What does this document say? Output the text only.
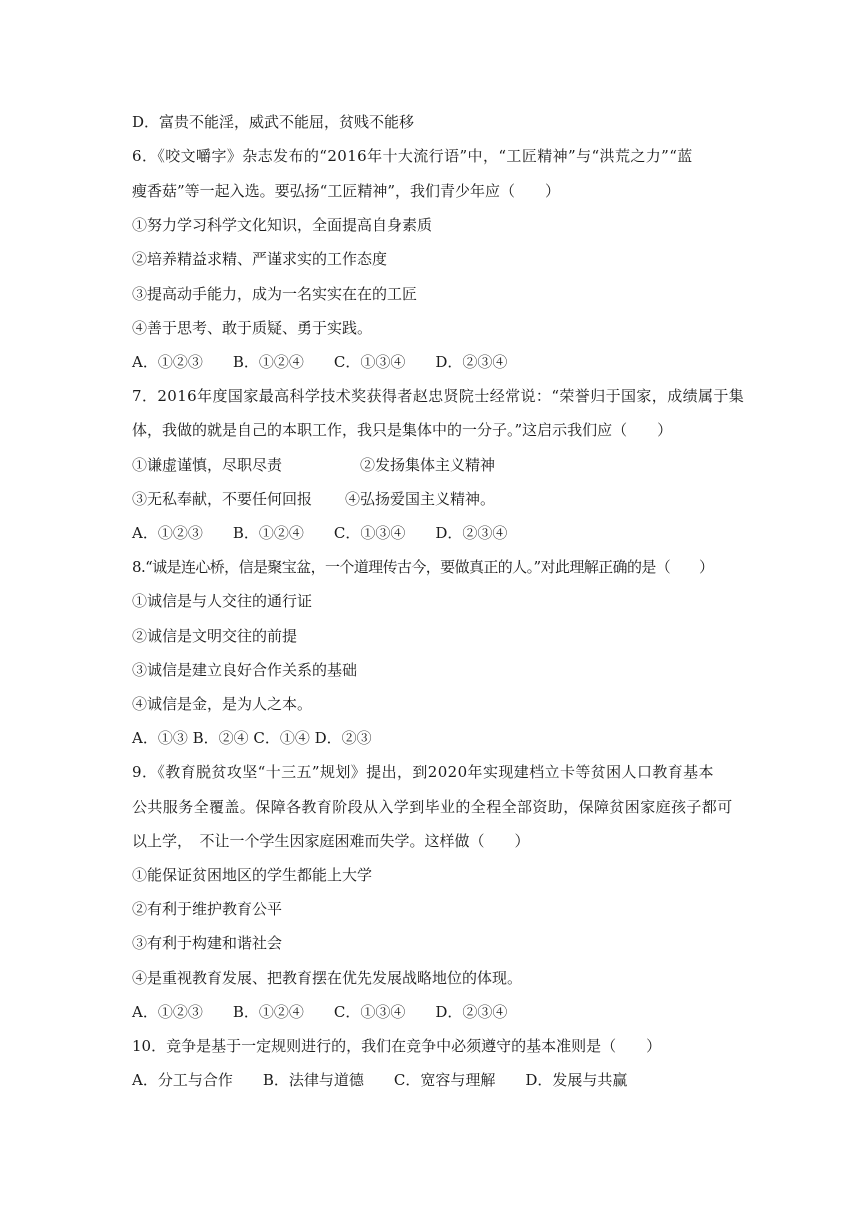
D．富贵不能淫，威武不能屈，贫贱不能移
6．《咬文嚼字》杂志发布的“2016年十大流行语”中，“工匠精神”与“洪荒之力”“蓝
瘦香菇”等一起入选。要弘扬“工匠精神”，我们青少年应（　　）
①努力学习科学文化知识，全面提高自身素质
②培养精益求精、严谨求实的工作态度
③提高动手能力，成为一名实实在在的工匠
④善于思考、敢于质疑、勇于实践。
A．①②③　　B．①②④　　C．①③④　　D．②③④
7．2016年度国家最高科学技术奖获得者赵忠贤院士经常说：“荣誉归于国家，成绩属于集
体，我做的就是自己的本职工作，我只是集体中的一分子。”这启示我们应（　　）
①谦虚谨慎，尽职尽责	②发扬集体主义精神
③无私奉献，不要任何回报 ④弘扬爱国主义精神。
A．①②③　　B．①②④　　C．①③④　　D．②③④
8.“诚是连心桥，信是聚宝盆，一个道理传古今，要做真正的人。”对此理解正确的是（　　）
①诚信是与人交往的通行证
②诚信是文明交往的前提
③诚信是建立良好合作关系的基础
④诚信是金，是为人之本。
A．①③ B．②④ C．①④ D．②③
9．《教育脱贫攻坚“十三五”规划》提出，到2020年实现建档立卡等贫困人口教育基本
公共服务全覆盖。保障各教育阶段从入学到毕业的全程全部资助，保障贫困家庭孩子都可
以上学，　不让一个学生因家庭困难而失学。这样做（　　）
①能保证贫困地区的学生都能上大学
②有利于维护教育公平
③有利于构建和谐社会
④是重视教育发展、把教育摆在优先发展战略地位的体现。
A．①②③　　B．①②④　　C．①③④　　D．②③④
10．竞争是基于一定规则进行的，我们在竞争中必须遵守的基本准则是（　　）
A．分工与合作　　B．法律与道德　　C．宽容与理解　　D．发展与共赢
